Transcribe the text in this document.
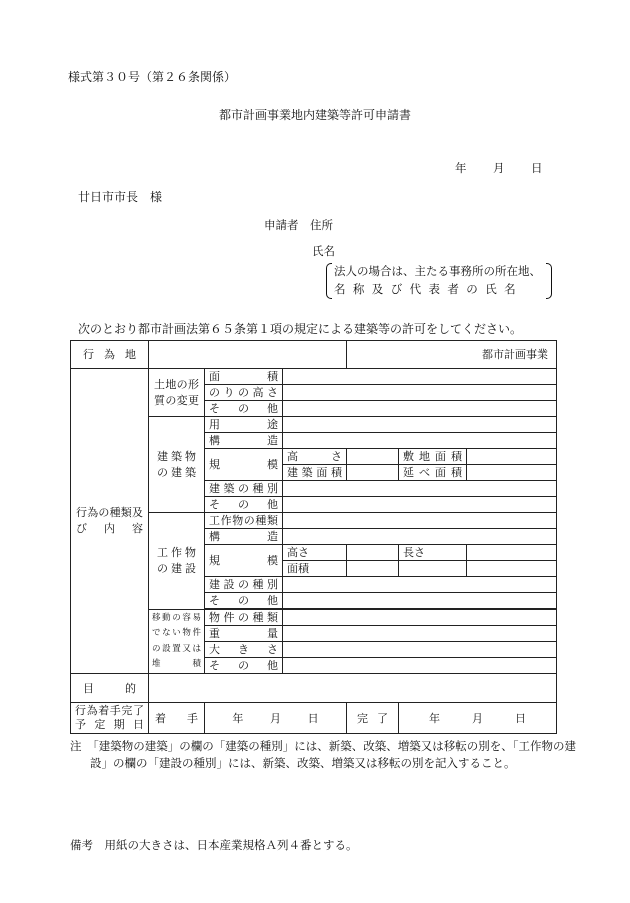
様式第３０号（第２６条関係）
都市計画事業地内建築等許可申請書
年 月 日
廿日市市長　様
申請者　住所
氏名
法人の場合は、主たる事務所の所在地、
名称及び代表者の氏名
次のとおり都市計画法第６５条第１項の規定による建築等の許可をしてください。
行為地				都市計画事業		
行為の種類及び内容	土地の形質の変更	面積				
		のりの高さ				
		その他				
	建築物の建築	用途				
		構造				
		規模	高さ		敷地面積	
			建築面積		延べ面積	
		建築の種別				
		その他				
	工作物の建設	工作物の種類				
		構造				
		規模	高さ		長さ	
			面積			
		建設の種別				
		その他				

	移動の容易でない物件の設置又は堆積	物件の種類				
		重量				
		大きさ				
		その他				
目的						
行為着手完了予定期日	着手	年 月 日		完了	年 月 日	
注　 「建築物の建築」の欄の「建築の種別」には、新築、改築、増築又は移転の別を、「工作物の建設」の欄の「建設の種別」には、新築、改築、増築又は移転の別を記入すること。
備考　用紙の大きさは、日本産業規格Ａ列４番とする。
